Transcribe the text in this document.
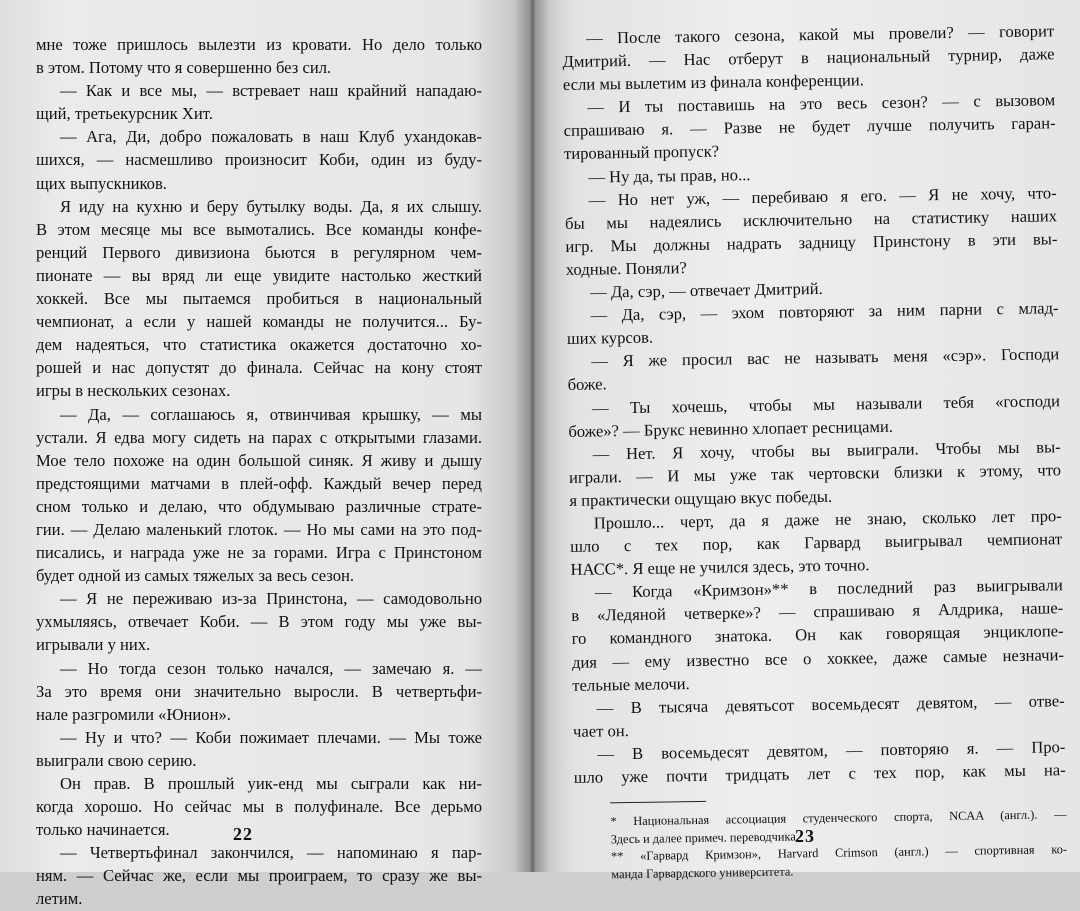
мне тоже пришлось вылезти из кровати. Но дело только
в этом. Потому что я совершенно без сил.
— Как и все мы, — встревает наш крайний нападаю-
щий, третьекурсник Хит.
— Ага, Ди, добро пожаловать в наш Клуб ухандокав-
шихся, — насмешливо произносит Коби, один из буду-
щих выпускников.
Я иду на кухню и беру бутылку воды. Да, я их слышу.
В этом месяце мы все вымотались. Все команды конфе-
ренций Первого дивизиона бьются в регулярном чем-
пионате — вы вряд ли еще увидите настолько жесткий
хоккей. Все мы пытаемся пробиться в национальный
чемпионат, а если у нашей команды не получится... Бу-
дем надеяться, что статистика окажется достаточно хо-
рошей и нас допустят до финала. Сейчас на кону стоят
игры в нескольких сезонах.
— Да, — соглашаюсь я, отвинчивая крышку, — мы
устали. Я едва могу сидеть на парах с открытыми глазами.
Мое тело похоже на один большой синяк. Я живу и дышу
предстоящими матчами в плей-офф. Каждый вечер перед
сном только и делаю, что обдумываю различные страте-
гии. — Делаю маленький глоток. — Но мы сами на это под-
писались, и награда уже не за горами. Игра с Принстоном
будет одной из самых тяжелых за весь сезон.
— Я не переживаю из-за Принстона, — самодовольно
ухмыляясь, отвечает Коби. — В этом году мы уже вы-
игрывали у них.
— Но тогда сезон только начался, — замечаю я. —
За это время они значительно выросли. В четвертьфи-
нале разгромили «Юнион».
— Ну и что? — Коби пожимает плечами. — Мы тоже
выиграли свою серию.
Он прав. В прошлый уик-енд мы сыграли как ни-
когда хорошо. Но сейчас мы в полуфинале. Все дерьмо
только начинается.
— Четвертьфинал закончился, — напоминаю я пар-
ням. — Сейчас же, если мы проиграем, то сразу же вы-
летим.
22
— После такого сезона, какой мы провели? — говорит
Дмитрий. — Нас отберут в национальный турнир, даже
если мы вылетим из финала конференции.
— И ты поставишь на это весь сезон? — с вызовом
спрашиваю я. — Разве не будет лучше получить гаран-
тированный пропуск?
— Ну да, ты прав, но...
— Но нет уж, — перебиваю я его. — Я не хочу, что-
бы мы надеялись исключительно на статистику наших
игр. Мы должны надрать задницу Принстону в эти вы-
ходные. Поняли?
— Да, сэр, — отвечает Дмитрий.
— Да, сэр, — эхом повторяют за ним парни с млад-
ших курсов.
— Я же просил вас не называть меня «сэр». Господи
боже.
— Ты хочешь, чтобы мы называли тебя «господи
боже»? — Брукс невинно хлопает ресницами.
— Нет. Я хочу, чтобы вы выиграли. Чтобы мы вы-
играли. — И мы уже так чертовски близки к этому, что
я практически ощущаю вкус победы.
Прошло... черт, да я даже не знаю, сколько лет про-
шло с тех пор, как Гарвард выигрывал чемпионат
НАСС*. Я еще не учился здесь, это точно.
— Когда «Кримзон»** в последний раз выигрывали
в «Ледяной четверке»? — спрашиваю я Алдрика, наше-
го командного знатока. Он как говорящая энциклопе-
дия — ему известно все о хоккее, даже самые незначи-
тельные мелочи.
— В тысяча девятьсот восемьдесят девятом, — отве-
чает он.
— В восемьдесят девятом, — повторяю я. — Про-
шло уже почти тридцать лет с тех пор, как мы на-
* Национальная ассоциация студенческого спорта, NCAA (англ.). —
Здесь и далее примеч. переводчика.
** «Гарвард Кримзон», Harvard Crimson (англ.) — спортивная ко-
манда Гарвардского университета.
23
